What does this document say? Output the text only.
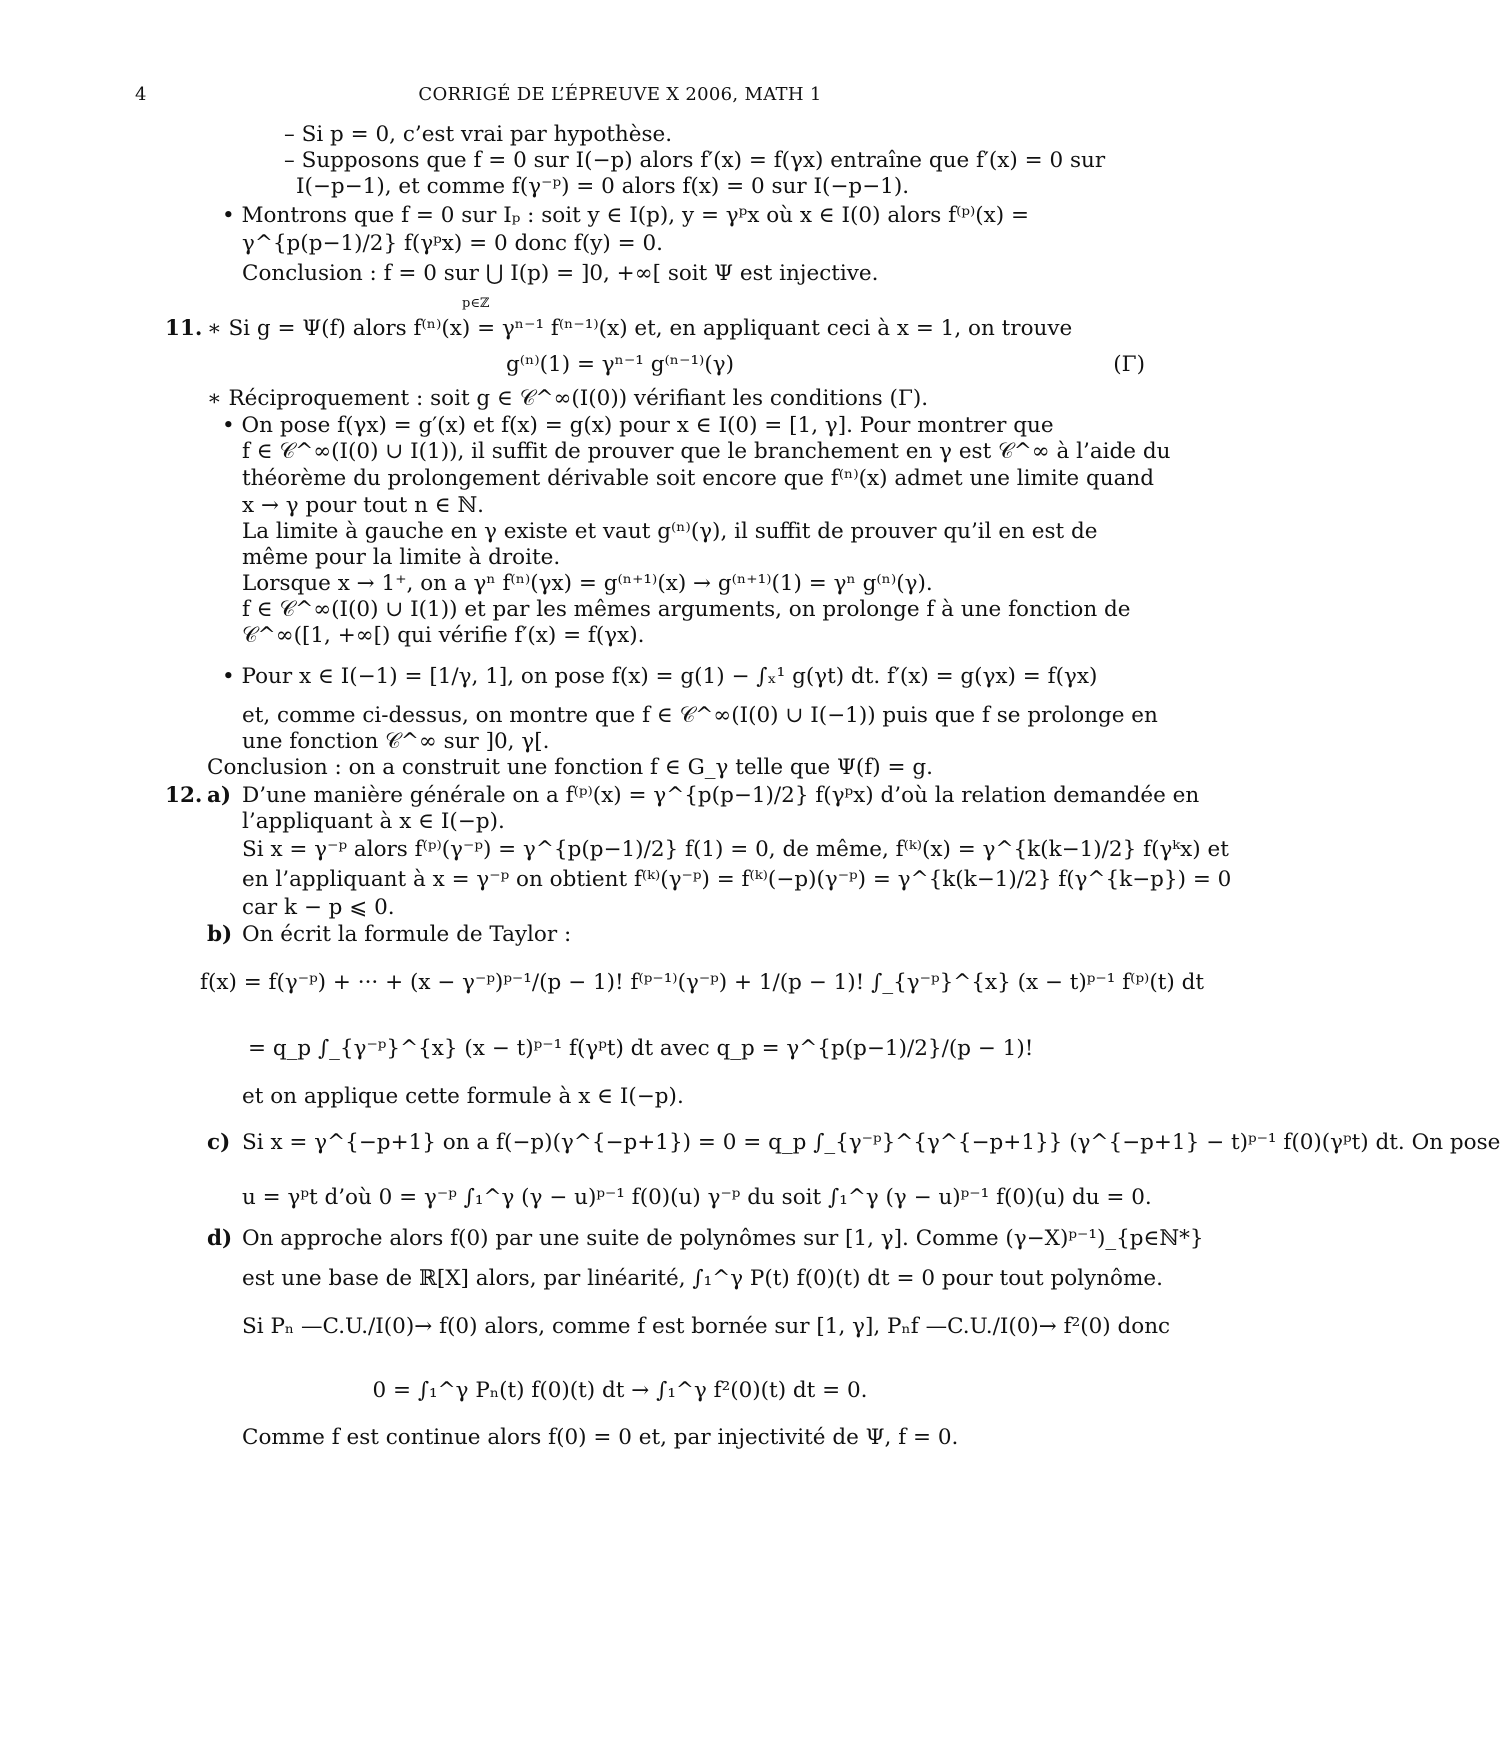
4	CORRIGÉ DE L’ÉPREUVE X 2006, MATH 1
– Si p = 0, c’est vrai par hypothèse.
– Supposons que f = 0 sur I(−p) alors f′(x) = f(γx) entraîne que f′(x) = 0 sur
I(−p−1), et comme f(γ⁻ᵖ) = 0 alors f(x) = 0 sur I(−p−1).
• Montrons que f = 0 sur Iₚ : soit y ∈ I(p), y = γᵖx où x ∈ I(0) alors f⁽ᵖ⁾(x) =
γ^{p(p−1)/2} f(γᵖx) = 0 donc f(y) = 0.
Conclusion : f = 0 sur ⋃ I(p) = ]0, +∞[ soit Ψ est injective.
p∈ℤ
11. ∗ Si g = Ψ(f) alors f⁽ⁿ⁾(x) = γⁿ⁻¹ f⁽ⁿ⁻¹⁾(x) et, en appliquant ceci à x = 1, on trouve
g⁽ⁿ⁾(1) = γⁿ⁻¹ g⁽ⁿ⁻¹⁾(γ)	(Γ)
∗ Réciproquement : soit g ∈ 𝒞^∞(I(0)) vérifiant les conditions (Γ).
• On pose f(γx) = g′(x) et f(x) = g(x) pour x ∈ I(0) = [1, γ]. Pour montrer que
f ∈ 𝒞^∞(I(0) ∪ I(1)), il suffit de prouver que le branchement en γ est 𝒞^∞ à l’aide du
théorème du prolongement dérivable soit encore que f⁽ⁿ⁾(x) admet une limite quand
x → γ pour tout n ∈ ℕ.
La limite à gauche en γ existe et vaut g⁽ⁿ⁾(γ), il suffit de prouver qu’il en est de
même pour la limite à droite.
Lorsque x → 1⁺, on a γⁿ f⁽ⁿ⁾(γx) = g⁽ⁿ⁺¹⁾(x) → g⁽ⁿ⁺¹⁾(1) = γⁿ g⁽ⁿ⁾(γ).
f ∈ 𝒞^∞(I(0) ∪ I(1)) et par les mêmes arguments, on prolonge f à une fonction de
𝒞^∞([1, +∞[) qui vérifie f′(x) = f(γx).
• Pour x ∈ I(−1) = [1/γ, 1], on pose f(x) = g(1) − ∫ₓ¹ g(γt) dt. f′(x) = g(γx) = f(γx)
et, comme ci-dessus, on montre que f ∈ 𝒞^∞(I(0) ∪ I(−1)) puis que f se prolonge en
une fonction 𝒞^∞ sur ]0, γ[.
Conclusion : on a construit une fonction f ∈ G_γ telle que Ψ(f) = g.
12. a) D’une manière générale on a f⁽ᵖ⁾(x) = γ^{p(p−1)/2} f(γᵖx) d’où la relation demandée en
l’appliquant à x ∈ I(−p).
Si x = γ⁻ᵖ alors f⁽ᵖ⁾(γ⁻ᵖ) = γ^{p(p−1)/2} f(1) = 0, de même, f⁽ᵏ⁾(x) = γ^{k(k−1)/2} f(γᵏx) et
en l’appliquant à x = γ⁻ᵖ on obtient f⁽ᵏ⁾(γ⁻ᵖ) = f⁽ᵏ⁾(−p)(γ⁻ᵖ) = γ^{k(k−1)/2} f(γ^{k−p}) = 0
car k − p ⩽ 0.
b) On écrit la formule de Taylor :
f(x) = f(γ⁻ᵖ) + ··· + (x − γ⁻ᵖ)ᵖ⁻¹/(p − 1)! f⁽ᵖ⁻¹⁾(γ⁻ᵖ) + 1/(p − 1)! ∫_{γ⁻ᵖ}^{x} (x − t)ᵖ⁻¹ f⁽ᵖ⁾(t) dt
= q_p ∫_{γ⁻ᵖ}^{x} (x − t)ᵖ⁻¹ f(γᵖt) dt avec q_p = γ^{p(p−1)/2}/(p − 1)!
et on applique cette formule à x ∈ I(−p).
c) Si x = γ^{−p+1} on a f(−p)(γ^{−p+1}) = 0 = q_p ∫_{γ⁻ᵖ}^{γ^{−p+1}} (γ^{−p+1} − t)ᵖ⁻¹ f(0)(γᵖt) dt. On pose
u = γᵖt d’où 0 = γ⁻ᵖ ∫₁^γ (γ − u)ᵖ⁻¹ f(0)(u) γ⁻ᵖ du soit ∫₁^γ (γ − u)ᵖ⁻¹ f(0)(u) du = 0.
d) On approche alors f(0) par une suite de polynômes sur [1, γ]. Comme (γ−X)ᵖ⁻¹)_{p∈ℕ*}
est une base de ℝ[X] alors, par linéarité, ∫₁^γ P(t) f(0)(t) dt = 0 pour tout polynôme.
Si Pₙ —C.U./I(0)→ f(0) alors, comme f est bornée sur [1, γ], Pₙf —C.U./I(0)→ f²(0) donc
0 = ∫₁^γ Pₙ(t) f(0)(t) dt → ∫₁^γ f²(0)(t) dt = 0.
Comme f est continue alors f(0) = 0 et, par injectivité de Ψ, f = 0.
